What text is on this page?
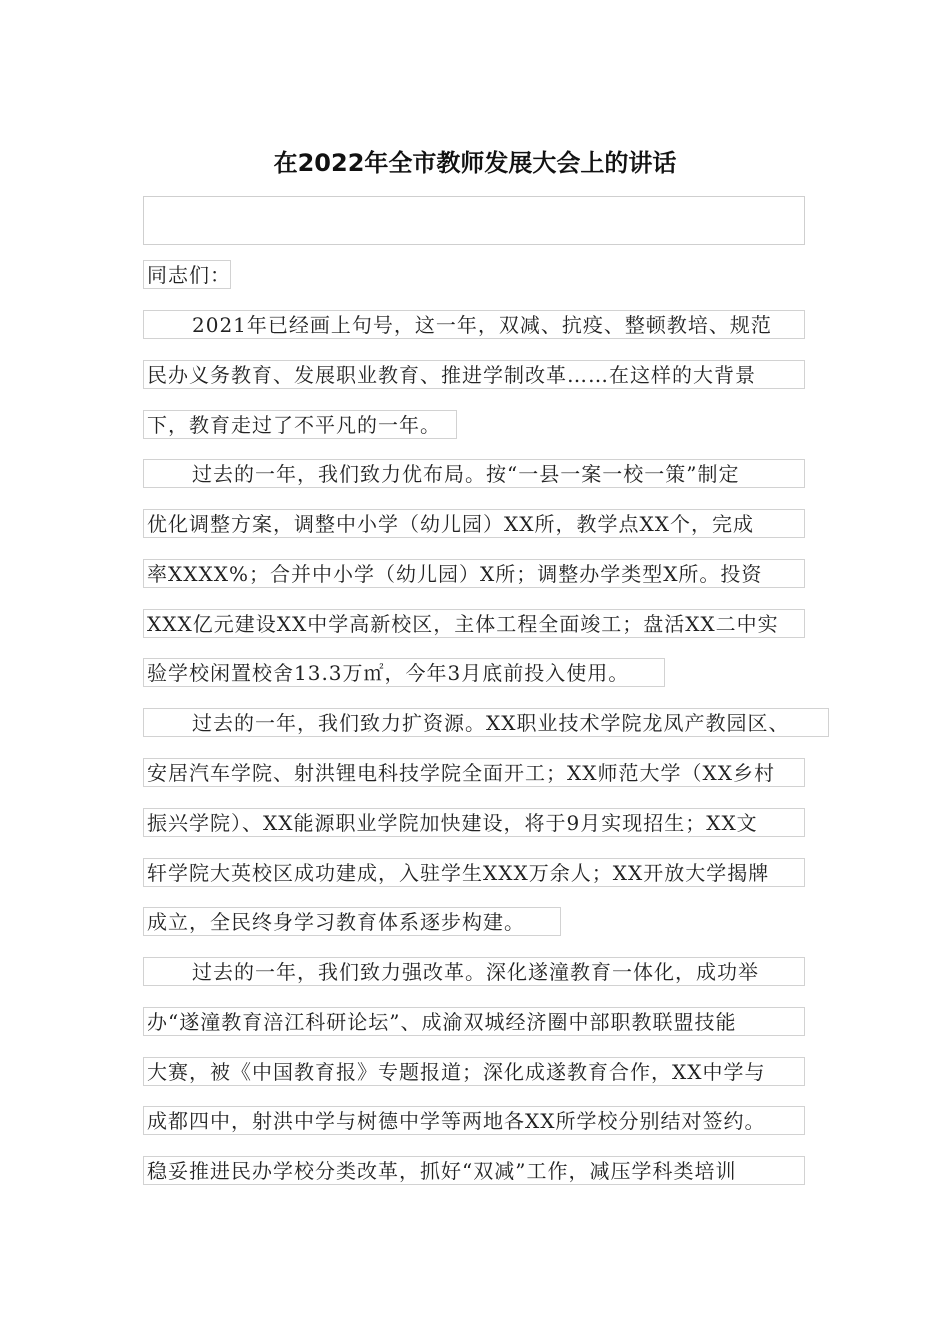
在2022年全市教师发展大会上的讲话
同志们：
2021年已经画上句号，这一年，双减、抗疫、整顿教培、规范
民办义务教育、发展职业教育、推进学制改革……在这样的大背景
下，教育走过了不平凡的一年。
过去的一年，我们致力优布局。按“一县一案一校一策”制定
优化调整方案，调整中小学（幼儿园）XX所，教学点XX个，完成
率XXXX%；合并中小学（幼儿园）X所；调整办学类型X所。投资
XXX亿元建设XX中学高新校区，主体工程全面竣工；盘活XX二中实
验学校闲置校舍13.3万㎡，今年3月底前投入使用。
过去的一年，我们致力扩资源。XX职业技术学院龙凤产教园区、
安居汽车学院、射洪锂电科技学院全面开工；XX师范大学（XX乡村
振兴学院）、XX能源职业学院加快建设，将于9月实现招生；XX文
轩学院大英校区成功建成，入驻学生XXX万余人；XX开放大学揭牌
成立，全民终身学习教育体系逐步构建。
过去的一年，我们致力强改革。深化遂潼教育一体化，成功举
办“遂潼教育涪江科研论坛”、成渝双城经济圈中部职教联盟技能
大赛，被《中国教育报》专题报道；深化成遂教育合作，XX中学与
成都四中，射洪中学与树德中学等两地各XX所学校分别结对签约。
稳妥推进民办学校分类改革，抓好“双减”工作，减压学科类培训
